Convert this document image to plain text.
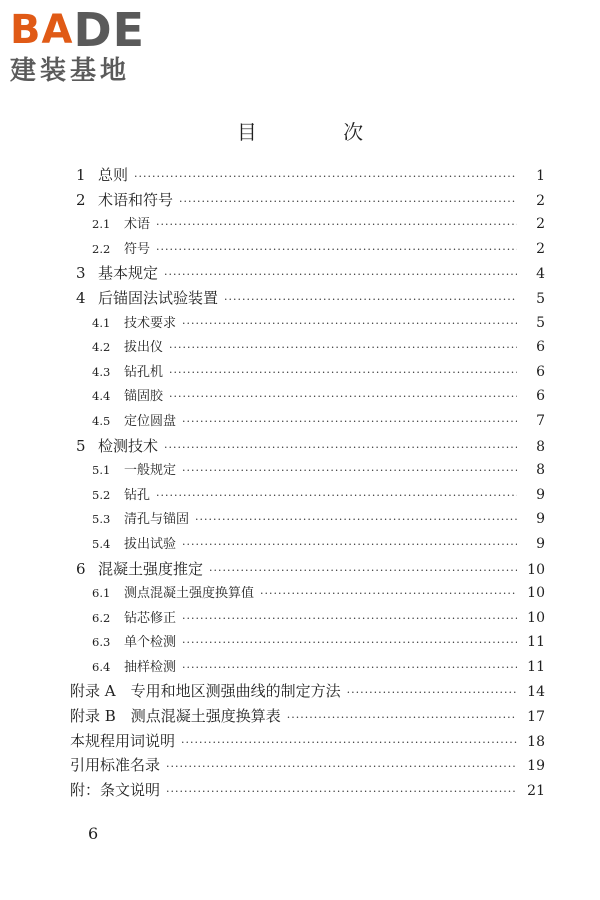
BA DE
建装基地
目 次
1 总则 ·····	1
2 术语和符号 ·····	2
2.1	术语 ·····	2
2.2	符号 ·····	2
3 基本规定 ·····	4
4 后锚固法试验装置 ·····	5
4.1	技术要求 ·····	5
4.2	拔出仪 ·····	6
4.3	钻孔机 ·····	6
4.4	锚固胶 ·····	6
4.5	定位圆盘 ·····	7
5 检测技术 ·····	8
5.1	一般规定 ·····	8
5.2	钻孔 ·····	9
5.3	清孔与锚固 ·····	9
5.4	拔出试验 ·····	9
6 混凝土强度推定 ·····	10
6.1	测点混凝土强度换算值 ·····	10
6.2	钻芯修正 ·····	10
6.3	单个检测 ·····	11
6.4	抽样检测 ·····	11
附录 A　专用和地区测强曲线的制定方法 ·····	14
附录 B　测点混凝土强度换算表 ·····	17
本规程用词说明 ·····	18
引用标准名录 ·····	19
附：条文说明 ·····	21
6
